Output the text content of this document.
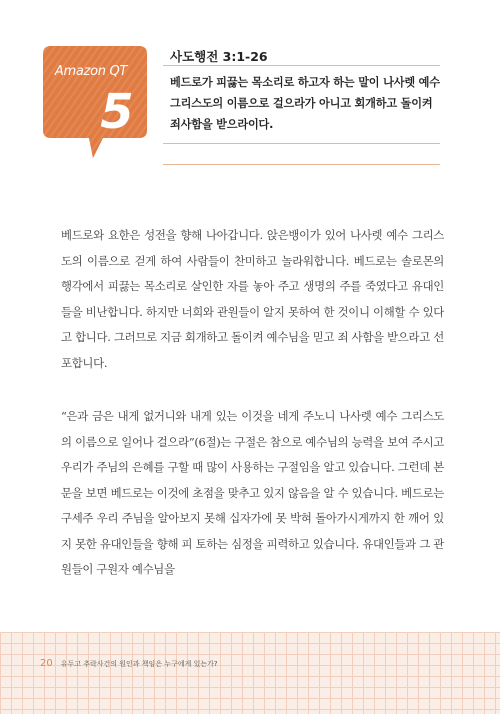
Amazon QT
5
사도행전 3:1-26
베드로가 피끓는 목소리로 하고자 하는 말이 나사렛 예수 그리스도의 이름으로 걸으라가 아니고 회개하고 돌이켜 죄사함을 받으라이다.

베드로와 요한은 성전을 향해 나아갑니다. 앉은뱅이가 있어 나사렛 예수 그리스도의 이름으로 걷게 하여 사람들이 찬미하고 놀라워합니다. 베드로는 솔로몬의 행각에서 피끓는 목소리로 살인한 자를 놓아 주고 생명의 주를 죽였다고 유대인들을 비난합니다. 하지만 너희와 관원들이 알지 못하여 한 것이니 이해할 수 있다고 합니다. 그러므로 지금 회개하고 돌이켜 예수님을 믿고 죄 사함을 받으라고 선포합니다.

“은과 금은 내게 없거니와 내게 있는 이것을 네게 주노니 나사렛 예수 그리스도의 이름으로 일어나 걸으라”(6절)는 구절은 참으로 예수님의 능력을 보여 주시고 우리가 주님의 은혜를 구할 때 많이 사용하는 구절임을 알고 있습니다. 그런데 본문을 보면 베드로는 이것에 초점을 맞추고 있지 않음을 알 수 있습니다. 베드로는 구세주 우리 주님을 알아보지 못해 십자가에 못 박혀 돌아가시게까지 한 깨어 있지 못한 유대인들을 향해 피 토하는 심정을 피력하고 있습니다. 유대인들과 그 관원들이 구원자 예수님을

20 유두고 추락사건의 원인과 책임은 누구에게 있는가?
